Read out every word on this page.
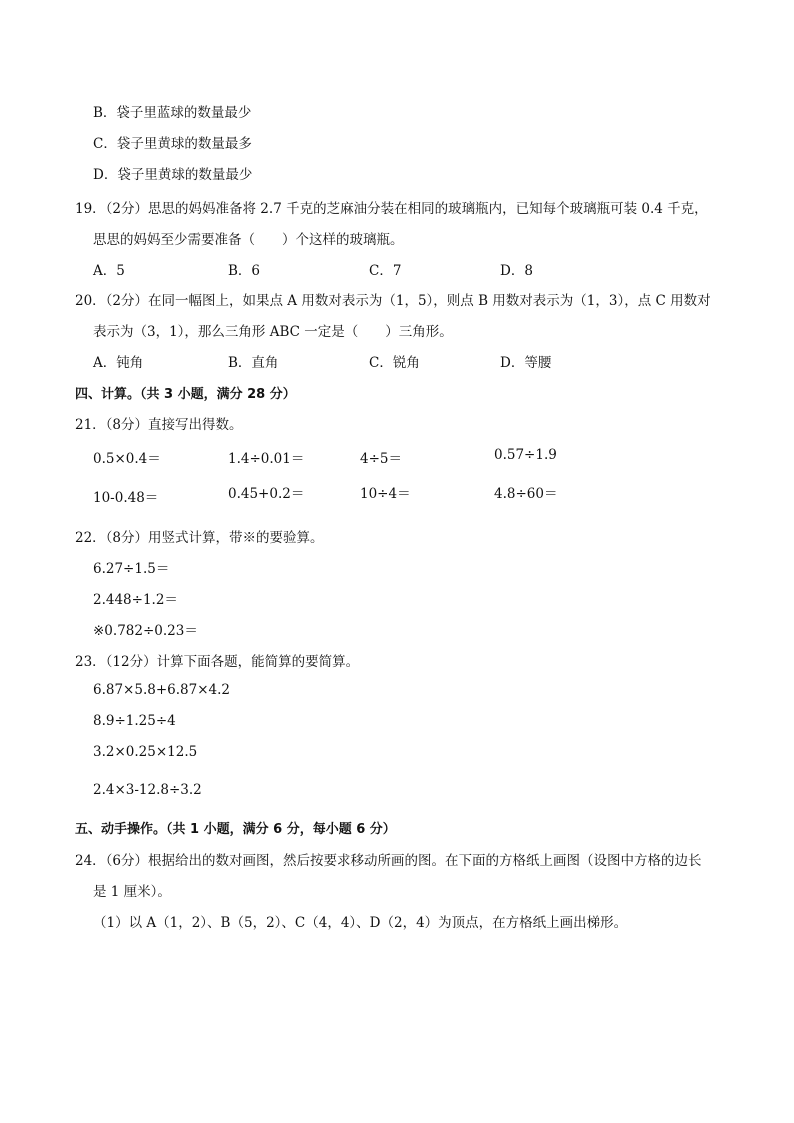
B．袋子里蓝球的数量最少
C．袋子里黄球的数量最多
D．袋子里黄球的数量最少
19．（2分）思思的妈妈准备将 2.7 千克的芝麻油分装在相同的玻璃瓶内，已知每个玻璃瓶可装 0.4 千克，
思思的妈妈至少需要准备（　　）个这样的玻璃瓶。
A．5	B．6	C．7	D．8
20．（2分）在同一幅图上，如果点 A 用数对表示为（1，5），则点 B 用数对表示为（1，3），点 C 用数对
表示为（3，1），那么三角形 ABC 一定是（　　）三角形。
A．钝角	B．直角	C．锐角	D．等腰
四、计算。（共 3 小题，满分 28 分）
21．（8分）直接写出得数。
0.5×0.4＝	1.4÷0.01＝	4÷5＝	0.57÷1.9
10-0.48＝	0.45+0.2＝	10÷4＝	4.8÷60＝
22．（8分）用竖式计算，带※的要验算。
6.27÷1.5＝
2.448÷1.2＝
※0.782÷0.23＝
23．（12分）计算下面各题，能简算的要简算。
6.87×5.8+6.87×4.2
8.9÷1.25÷4
3.2×0.25×12.5
2.4×3-12.8÷3.2
五、动手操作。（共 1 小题，满分 6 分，每小题 6 分）
24．（6分）根据给出的数对画图，然后按要求移动所画的图。在下面的方格纸上画图（设图中方格的边长
是 1 厘米）。
（1）以 A（1，2）、B（5，2）、C（4，4）、D（2，4）为顶点，在方格纸上画出梯形。
